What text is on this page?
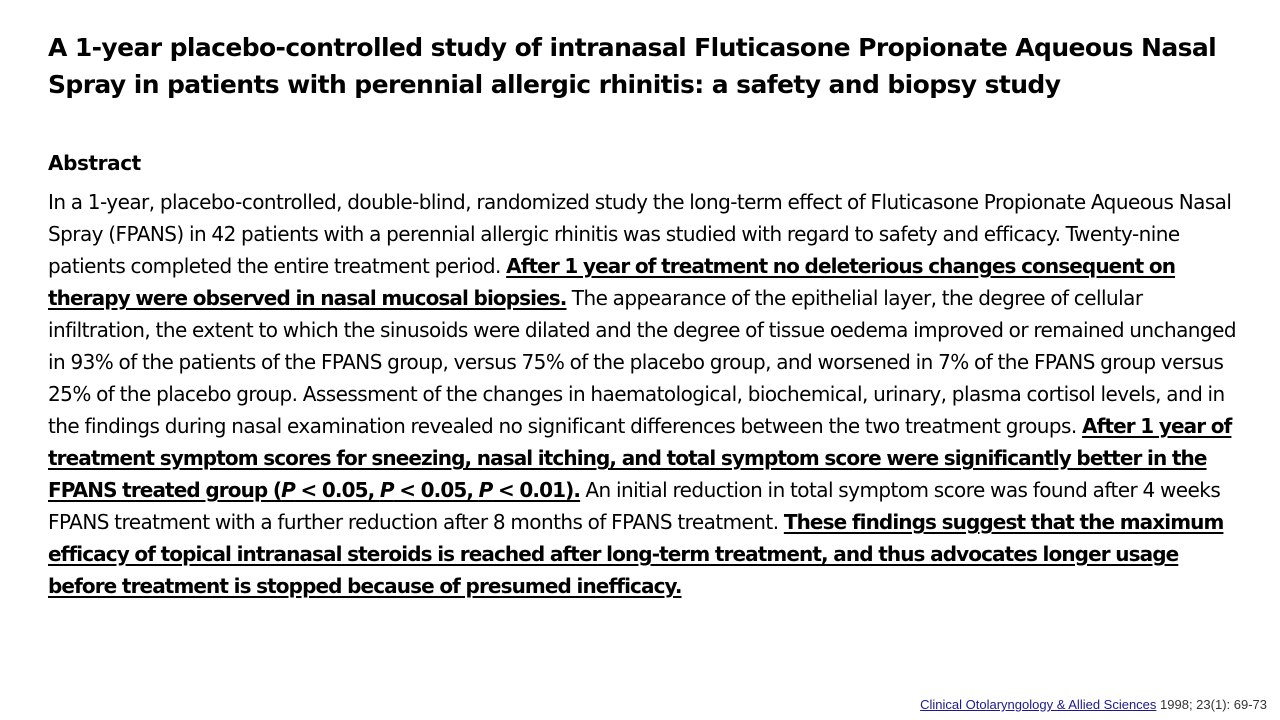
A 1-year placebo-controlled study of intranasal Fluticasone Propionate Aqueous Nasal Spray in patients with perennial allergic rhinitis: a safety and biopsy study
Abstract

In a 1-year, placebo-controlled, double-blind, randomized study the long-term effect of Fluticasone Propionate Aqueous Nasal Spray (FPANS) in 42 patients with a perennial allergic rhinitis was studied with regard to safety and efficacy. Twenty-nine patients completed the entire treatment period. After 1 year of treatment no deleterious changes consequent on therapy were observed in nasal mucosal biopsies. The appearance of the epithelial layer, the degree of cellular infiltration, the extent to which the sinusoids were dilated and the degree of tissue oedema improved or remained unchanged in 93% of the patients of the FPANS group, versus 75% of the placebo group, and worsened in 7% of the FPANS group versus 25% of the placebo group. Assessment of the changes in haematological, biochemical, urinary, plasma cortisol levels, and in the findings during nasal examination revealed no significant differences between the two treatment groups. After 1 year of treatment symptom scores for sneezing, nasal itching, and total symptom score were significantly better in the FPANS treated group (P < 0.05, P < 0.05, P < 0.01). An initial reduction in total symptom score was found after 4 weeks FPANS treatment with a further reduction after 8 months of FPANS treatment. These findings suggest that the maximum efficacy of topical intranasal steroids is reached after long-term treatment, and thus advocates longer usage before treatment is stopped because of presumed inefficacy.

Clinical Otolaryngology & Allied Sciences 1998; 23(1): 69-73
